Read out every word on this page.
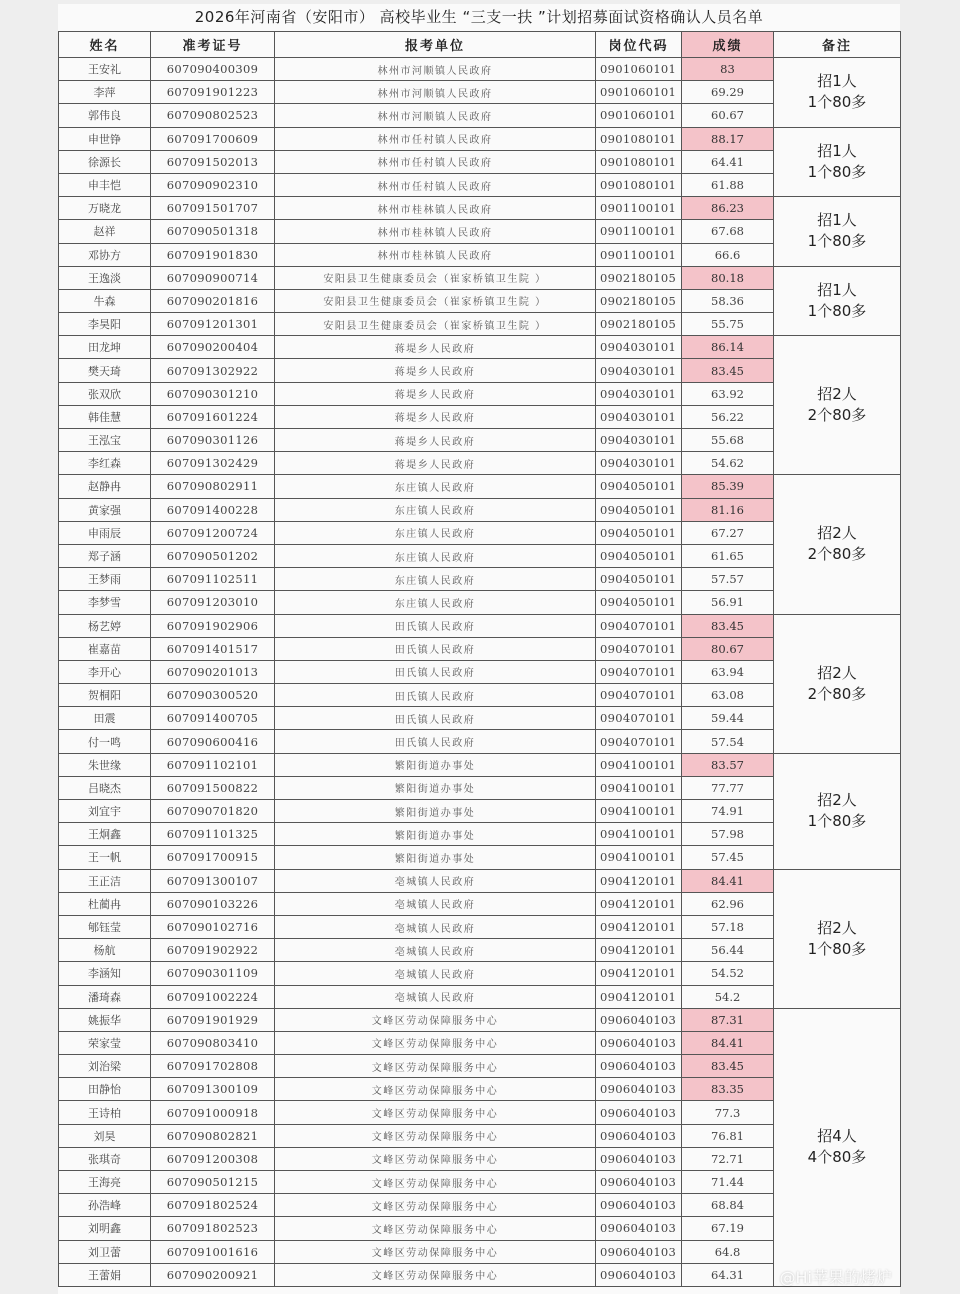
2026年河南省（安阳市） 高校毕业生 “三支一扶 ”计划招募面试资格确认人员名单
姓名	准考证号	报考单位	岗位代码	成绩	备注
王安礼	607090400309	林州市河顺镇人民政府	0901060101	83	招1人
1个80多

李萍	607091901223	林州市河顺镇人民政府	0901060101	69.29	
郭伟良	607090802523	林州市河顺镇人民政府	0901060101	60.67	
申世铮	607091700609	林州市任村镇人民政府	0901080101	88.17	招1人
1个80多

徐源长	607091502013	林州市任村镇人民政府	0901080101	64.41	
申丰恺	607090902310	林州市任村镇人民政府	0901080101	61.88	
万晓龙	607091501707	林州市桂林镇人民政府	0901100101	86.23	招1人
1个80多

赵祥	607090501318	林州市桂林镇人民政府	0901100101	67.68	
邓协方	607091901830	林州市桂林镇人民政府	0901100101	66.6	
王逸淡	607090900714	安阳县卫生健康委员会（崔家桥镇卫生院 ）	0902180105	80.18	招1人
1个80多

牛森	607090201816	安阳县卫生健康委员会（崔家桥镇卫生院 ）	0902180105	58.36	
李昊阳	607091201301	安阳县卫生健康委员会（崔家桥镇卫生院 ）	0902180105	55.75	
田龙坤	607090200404	蒋堤乡人民政府	0904030101	86.14	招2人
2个80多

樊天琦	607091302922	蒋堤乡人民政府	0904030101	83.45	
张双欣	607090301210	蒋堤乡人民政府	0904030101	63.92	
韩佳慧	607091601224	蒋堤乡人民政府	0904030101	56.22	
王泓宝	607090301126	蒋堤乡人民政府	0904030101	55.68	
李红森	607091302429	蒋堤乡人民政府	0904030101	54.62	
赵静冉	607090802911	东庄镇人民政府	0904050101	85.39	招2人
2个80多

黄家强	607091400228	东庄镇人民政府	0904050101	81.16	
申雨辰	607091200724	东庄镇人民政府	0904050101	67.27	
郑子涵	607090501202	东庄镇人民政府	0904050101	61.65	
王梦雨	607091102511	东庄镇人民政府	0904050101	57.57	
李梦雪	607091203010	东庄镇人民政府	0904050101	56.91	
杨艺婷	607091902906	田氏镇人民政府	0904070101	83.45	招2人
2个80多

崔嘉苗	607091401517	田氏镇人民政府	0904070101	80.67	
李开心	607090201013	田氏镇人民政府	0904070101	63.94	
贺桐阳	607090300520	田氏镇人民政府	0904070101	63.08	
田震	607091400705	田氏镇人民政府	0904070101	59.44	
付一鸣	607090600416	田氏镇人民政府	0904070101	57.54	
朱世缘	607091102101	繁阳街道办事处	0904100101	83.57	招2人
1个80多

吕晓杰	607091500822	繁阳街道办事处	0904100101	77.77	
刘宜宇	607090701820	繁阳街道办事处	0904100101	74.91	
王炯鑫	607091101325	繁阳街道办事处	0904100101	57.98	
王一帆	607091700915	繁阳街道办事处	0904100101	57.45	
王正洁	607091300107	亳城镇人民政府	0904120101	84.41	招2人
1个80多

杜蔺冉	607090103226	亳城镇人民政府	0904120101	62.96	
郇钰莹	607090102716	亳城镇人民政府	0904120101	57.18	
杨航	607091902922	亳城镇人民政府	0904120101	56.44	
李涵知	607090301109	亳城镇人民政府	0904120101	54.52	
潘琦森	607091002224	亳城镇人民政府	0904120101	54.2	
姚振华	607091901929	文峰区劳动保障服务中心	0906040103	87.31	招4人
4个80多

荣家莹	607090803410	文峰区劳动保障服务中心	0906040103	84.41	
刘治梁	607091702808	文峰区劳动保障服务中心	0906040103	83.45	
田静怡	607091300109	文峰区劳动保障服务中心	0906040103	83.35	
王诗柏	607091000918	文峰区劳动保障服务中心	0906040103	77.3	
刘昊	607090802821	文峰区劳动保障服务中心	0906040103	76.81	
张琪奇	607091200308	文峰区劳动保障服务中心	0906040103	72.71	
王海亮	607090501215	文峰区劳动保障服务中心	0906040103	71.44	
孙浩峰	607091802524	文峰区劳动保障服务中心	0906040103	68.84	
刘明鑫	607091802523	文峰区劳动保障服务中心	0906040103	67.19	
刘卫蕾	607091001616	文峰区劳动保障服务中心	0906040103	64.8	
王蕾娟	607090200921	文峰区劳动保障服务中心	0906040103	64.31	@Hi苹果的烤炉
